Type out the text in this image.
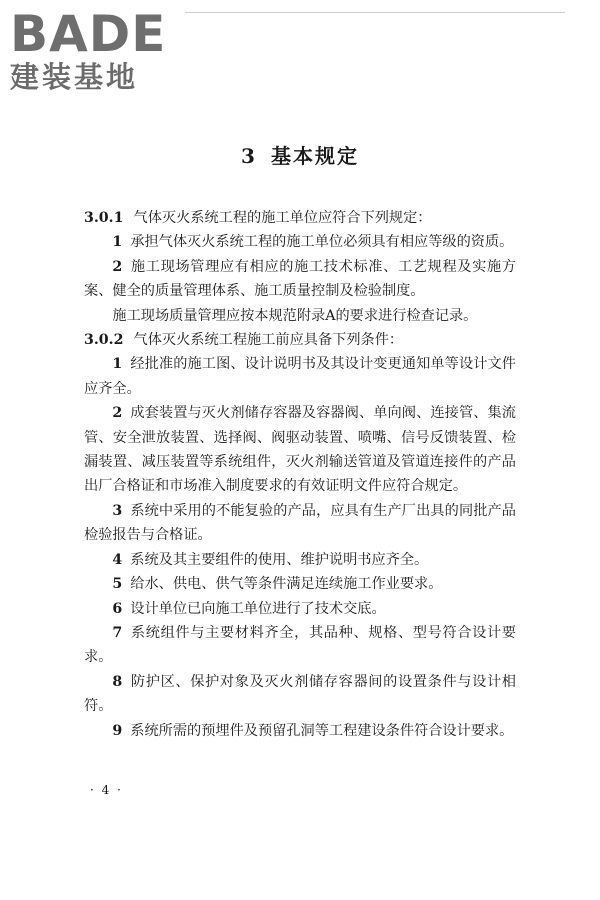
BADE
建装基地
3 基本规定

3.0.1 气体灭火系统工程的施工单位应符合下列规定：

1 承担气体灭火系统工程的施工单位必须具有相应等级的资质。

2 施工现场管理应有相应的施工技术标准、工艺规程及实施方案、健全的质量管理体系、施工质量控制及检验制度。

施工现场质量管理应按本规范附录A的要求进行检查记录。

3.0.2 气体灭火系统工程施工前应具备下列条件：

1 经批准的施工图、设计说明书及其设计变更通知单等设计文件应齐全。

2 成套装置与灭火剂储存容器及容器阀、单向阀、连接管、集流管、安全泄放装置、选择阀、阀驱动装置、喷嘴、信号反馈装置、检漏装置、减压装置等系统组件，灭火剂输送管道及管道连接件的产品出厂合格证和市场准入制度要求的有效证明文件应符合规定。

3 系统中采用的不能复验的产品，应具有生产厂出具的同批产品检验报告与合格证。

4 系统及其主要组件的使用、维护说明书应齐全。

5 给水、供电、供气等条件满足连续施工作业要求。

6 设计单位已向施工单位进行了技术交底。

7 系统组件与主要材料齐全，其品种、规格、型号符合设计要求。

8 防护区、保护对象及灭火剂储存容器间的设置条件与设计相符。

9 系统所需的预埋件及预留孔洞等工程建设条件符合设计要求。

· 4 ·
